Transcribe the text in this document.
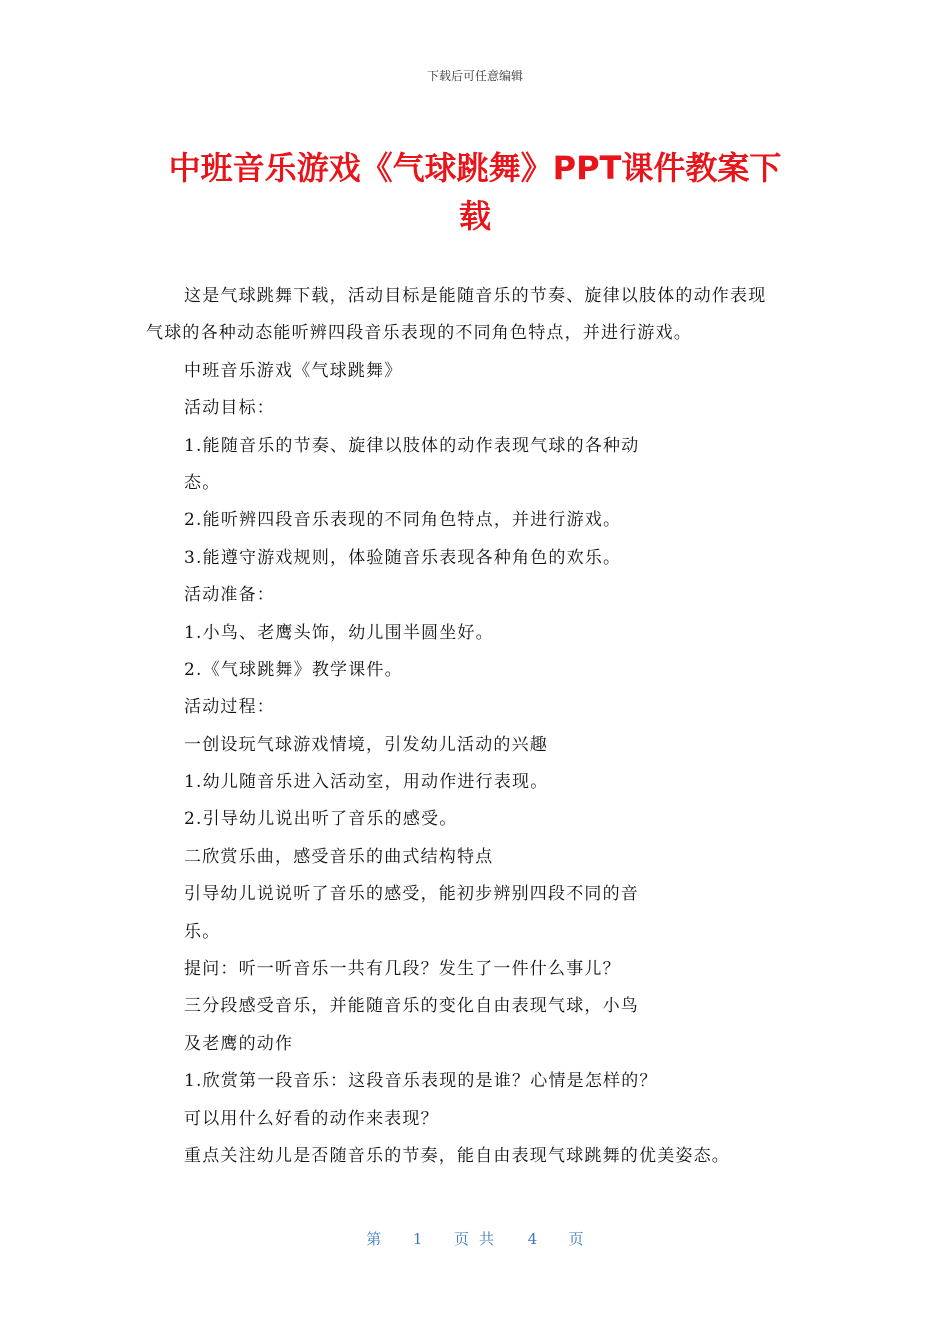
下载后可任意编辑
中班音乐游戏《气球跳舞》PPT课件教案下
载
这是气球跳舞下载，活动目标是能随音乐的节奏、旋律以肢体的动作表现
气球的各种动态能听辨四段音乐表现的不同角色特点，并进行游戏。
中班音乐游戏《气球跳舞》
活动目标：
1.能随音乐的节奏、旋律以肢体的动作表现气球的各种动
态。
2.能听辨四段音乐表现的不同角色特点，并进行游戏。
3.能遵守游戏规则，体验随音乐表现各种角色的欢乐。
活动准备：
1.小鸟、老鹰头饰，幼儿围半圆坐好。
2.《气球跳舞》教学课件。
活动过程：
一创设玩气球游戏情境，引发幼儿活动的兴趣
1.幼儿随音乐进入活动室，用动作进行表现。
2.引导幼儿说出听了音乐的感受。
二欣赏乐曲，感受音乐的曲式结构特点
引导幼儿说说听了音乐的感受，能初步辨别四段不同的音
乐。
提问：听一听音乐一共有几段？发生了一件什么事儿？
三分段感受音乐，并能随音乐的变化自由表现气球，小鸟
及老鹰的动作
1.欣赏第一段音乐：这段音乐表现的是谁？心情是怎样的？
可以用什么好看的动作来表现？
重点关注幼儿是否随音乐的节奏，能自由表现气球跳舞的优美姿态。
第 1 页共 4 页
